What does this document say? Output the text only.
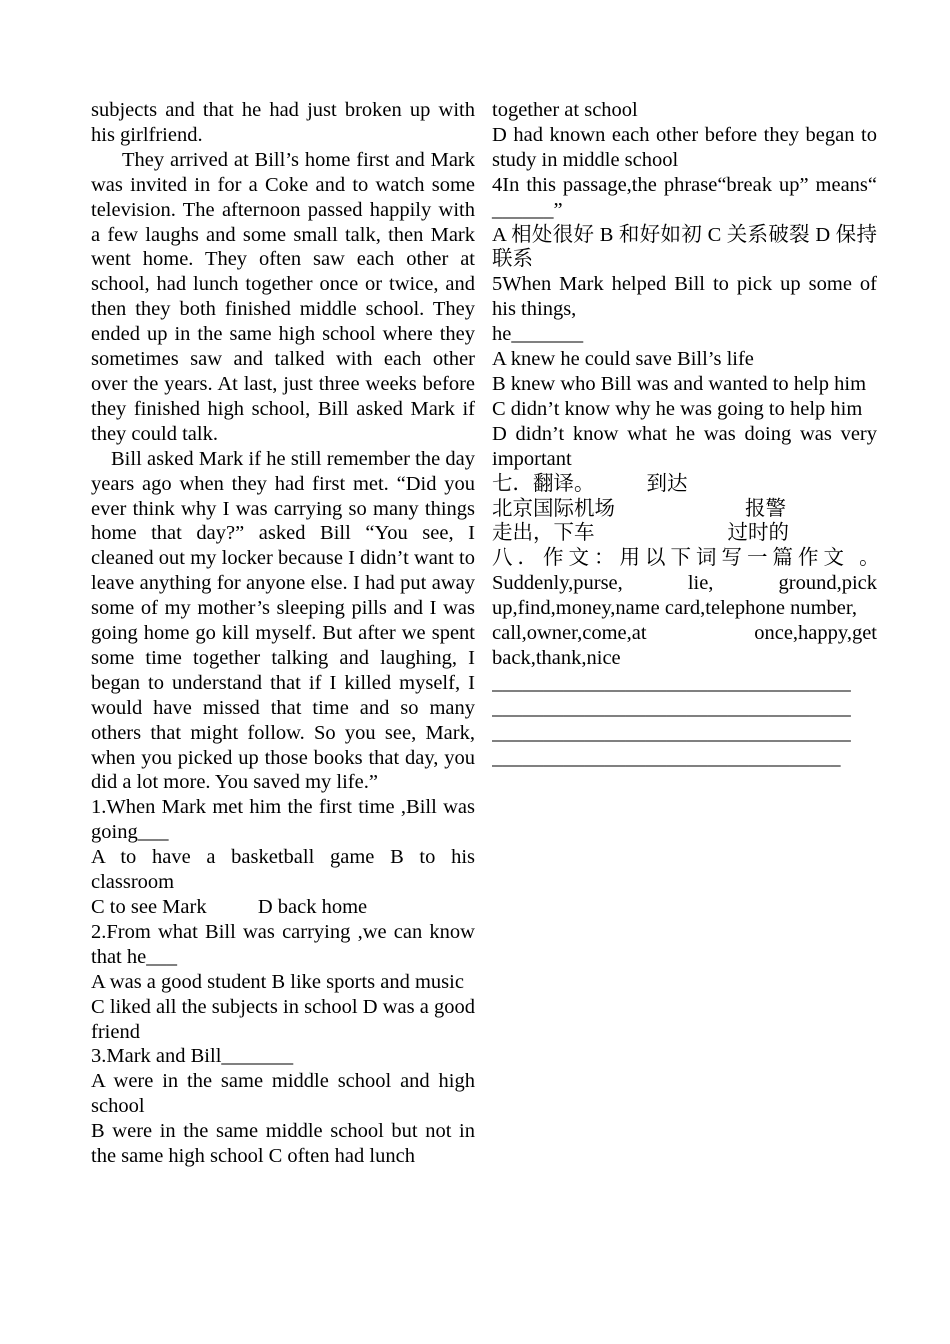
subjects and that he had just broken up with his girlfriend.

They arrived at Bill’s home first and Mark was invited in for a Coke and to watch some television. The afternoon passed happily with a few laughs and some small talk, then Mark went home. They often saw each other at school, had lunch together once or twice, and then they both finished middle school. They ended up in the same high school where they sometimes saw and talked with each other over the years. At last, just three weeks before they finished high school, Bill asked Mark if they could talk.

Bill asked Mark if he still remember the day years ago when they had first met. “Did you ever think why I was carrying so many things home that day?” asked Bill “You see, I cleaned out my locker because I didn’t want to leave anything for anyone else. I had put away some of my mother’s sleeping pills and I was going home go kill myself. But after we spent some time together talking and laughing, I began to understand that if I killed myself, I would have missed that time and so many others that might follow. So you see, Mark, when you picked up those books that day, you did a lot more. You saved my life.”

1.When Mark met him the first time ,Bill was going___

A to have a basketball game B to his classroom

C to see Mark          D back home

2.From what Bill was carrying ,we can know that he___

A was a good student B like sports and music

C liked all the subjects in school D was a good friend

3.Mark and Bill_______

A were in the same middle school and high school

B were in the same middle school but not in the same high school C often had lunch

together at school

D had known each other before they began to study in middle school

4In this passage,the phrase“break up” means“ ______”

A 相处很好 B 和好如初 C 关系破裂 D 保持联系

5When Mark helped Bill to pick up some of his things,

he_______

A knew he could save Bill’s life

B knew who Bill was and wanted to help him

C didn’t know why he was going to help him

D didn’t know what he was doing was very important

七．翻译。	到达
北京国际机场	报警
走出，下车	过时的

八．作文：用以下词写一篇作文 。

Suddenly,purse, lie, ground,pick up,find,money,name card,telephone number,

call,owner,come,at once,happy,get back,thank,nice

___________________________________

___________________________________

___________________________________

__________________________________
